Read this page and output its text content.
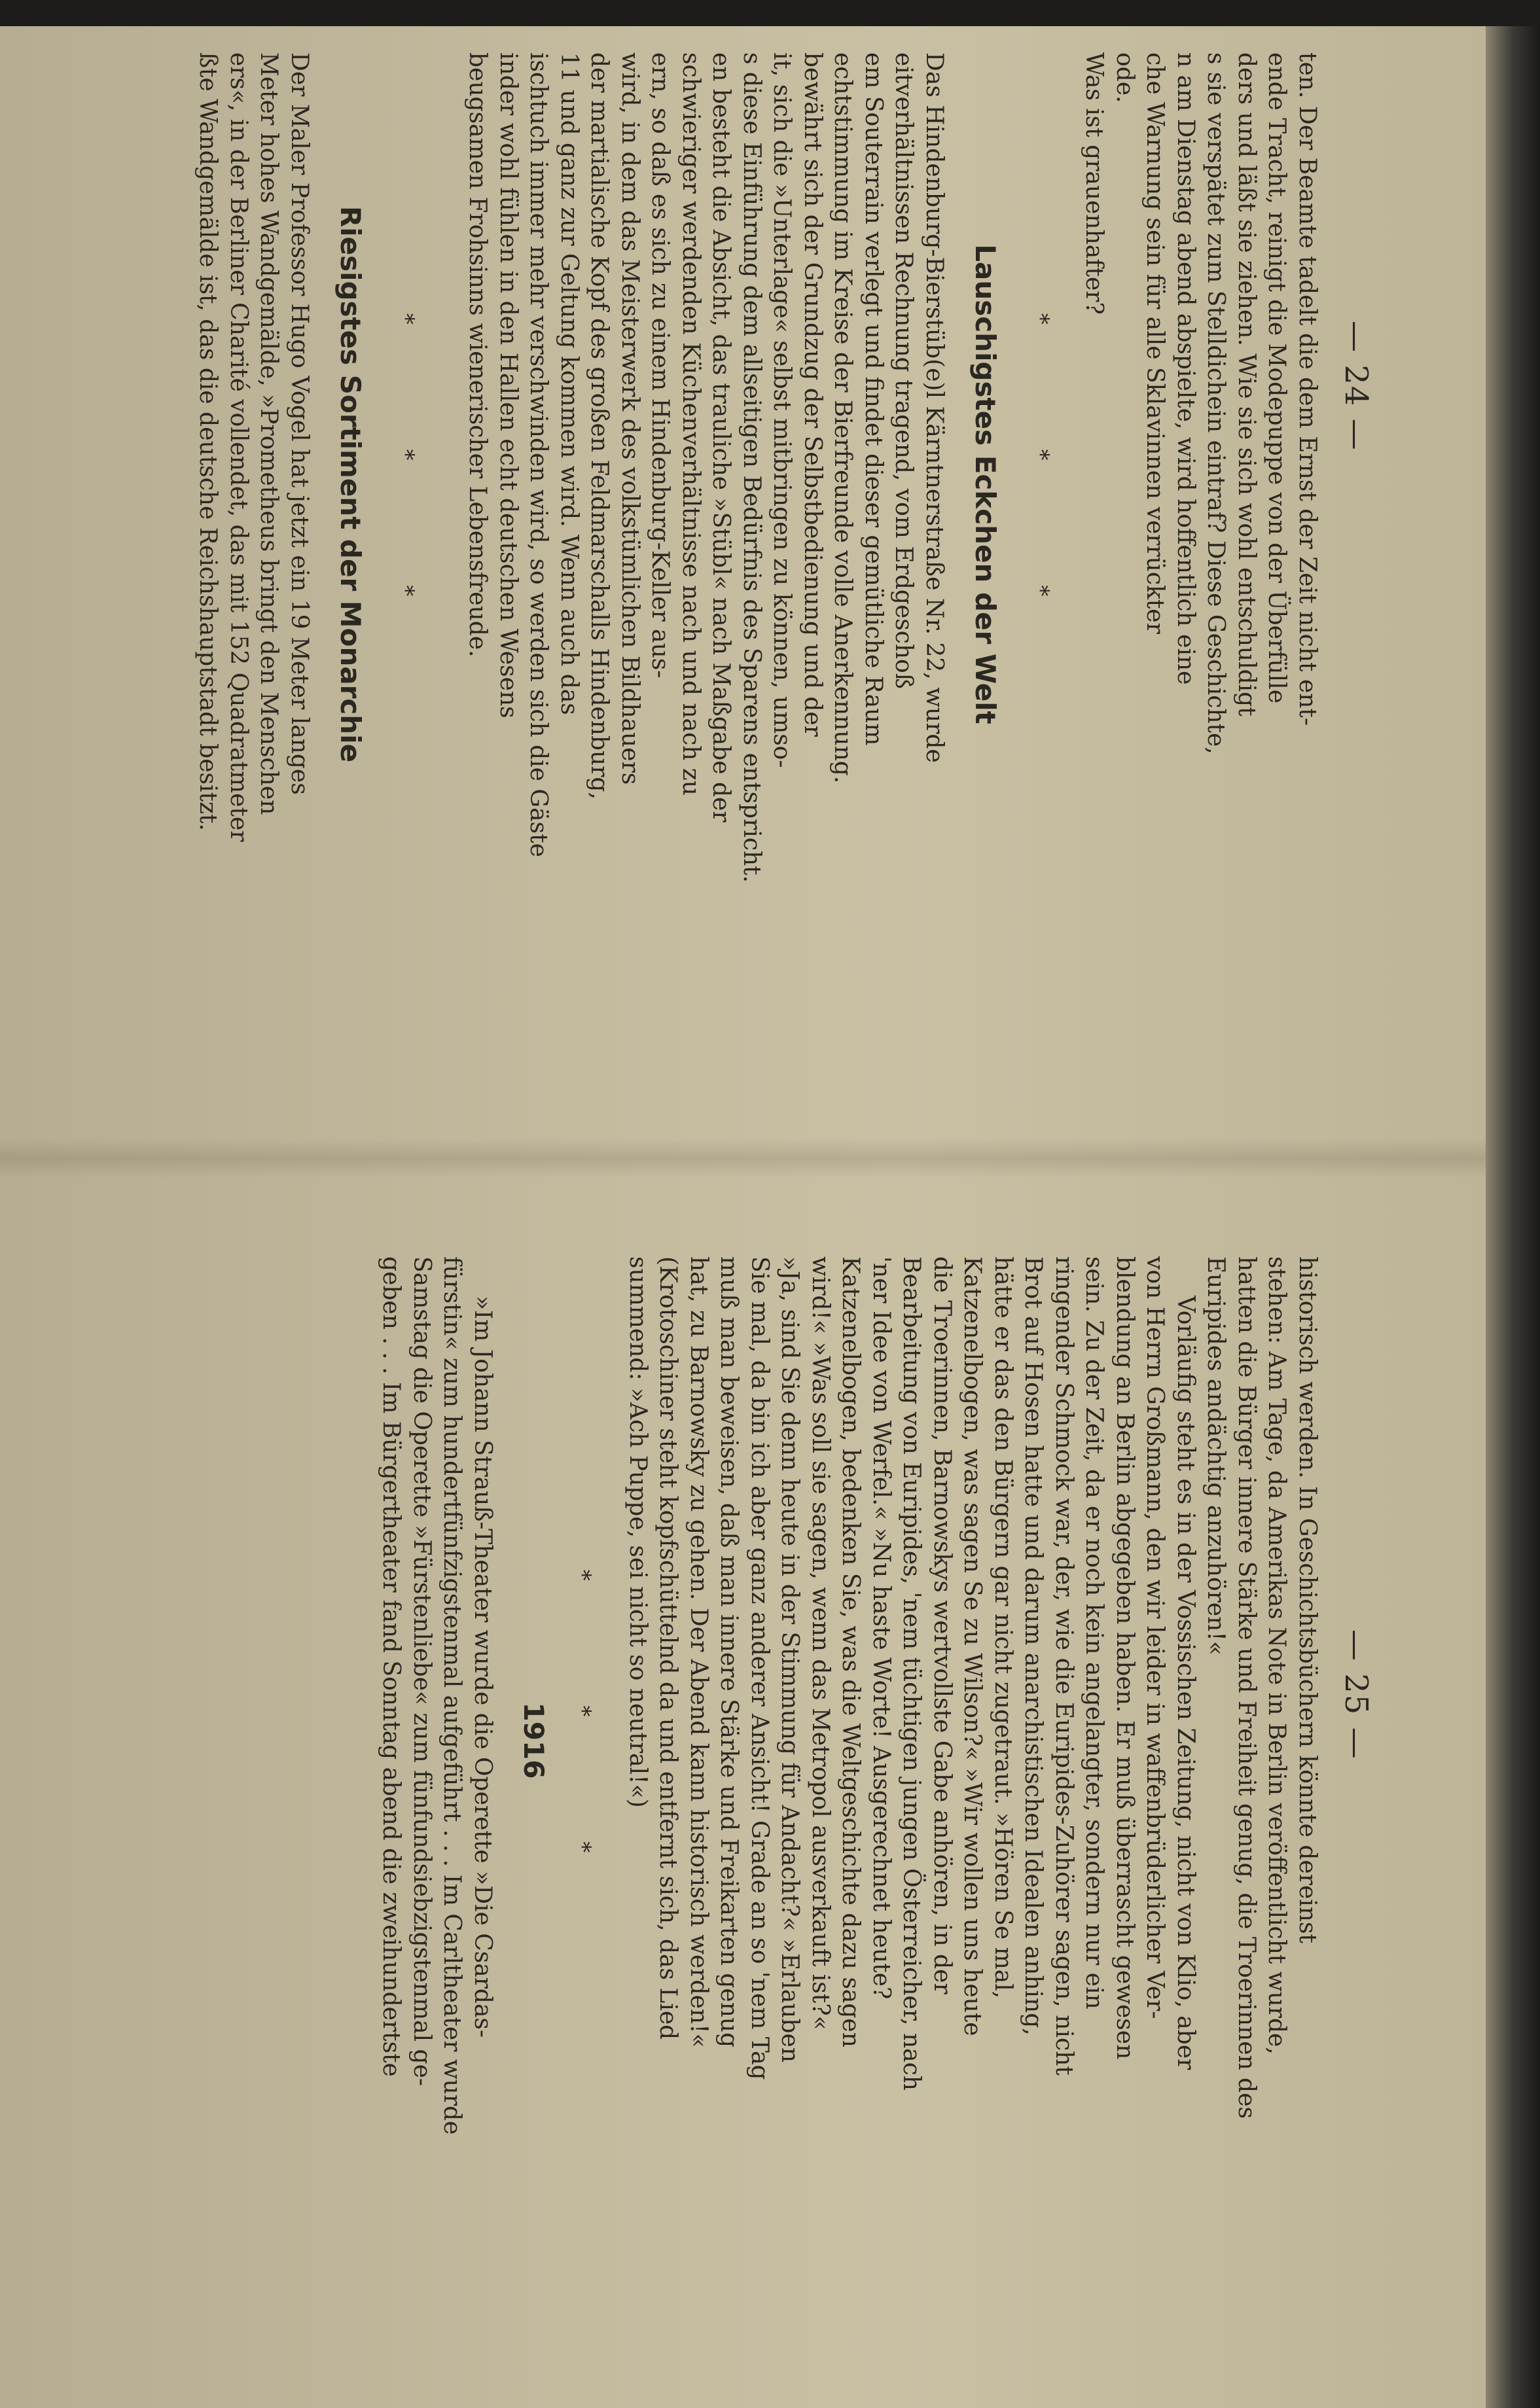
— 24 —

ten. Der Beamte tadelt die dem Ernst der Zeit nicht ent-

ende Tracht, reinigt die Modepuppe von der Überfülle

ders und läßt sie ziehen. Wie sie sich wohl entschuldigt

s sie verspätet zum Stelldichein eintraf? Diese Geschichte,

n am Dienstag abend abspielte, wird hoffentlich eine

che Warnung sein für alle Sklavinnen verrückter

ode.

Was ist grauenhafter?

* * *
Lauschigstes Eckchen der Welt

Das Hindenburg-Bierstüb(e)l Kärntnerstraße Nr. 22, wurde

eitverhältnissen Rechnung tragend, vom Erdgeschoß

em Souterrain verlegt und findet dieser gemütliche Raum

echtstimmung im Kreise der Bierfreunde volle Anerkennung.

bewährt sich der Grundzug der Selbstbedienung und der

it, sich die »Unterlage« selbst mitbringen zu können, umso-

s diese Einführung dem allseitigen Bedürfnis des Sparens entspricht.

en besteht die Absicht, das trauliche »Stübl« nach Maßgabe der

schwieriger werdenden Küchenverhältnisse nach und nach zu

ern, so daß es sich zu einem Hindenburg-Keller aus-

wird, in dem das Meisterwerk des volkstümlichen Bildhauers

der martialische Kopf des großen Feldmarschalls Hindenburg,

11 und ganz zur Geltung kommen wird. Wenn auch das

ischtuch immer mehr verschwinden wird, so werden sich die Gäste

inder wohl fühlen in den Hallen echt deutschen Wesens

beugsamen Frohsinns wienerischer Lebensfreude.

* * *
Riesigstes Sortiment der Monarchie

Der Maler Professor Hugo Vogel hat jetzt ein 19 Meter langes

Meter hohes Wandgemälde, »Prometheus bringt den Menschen

ers«, in der Berliner Charité vollendet, das mit 152 Quadratmeter

ßte Wandgemälde ist, das die deutsche Reichshauptstadt besitzt.

— 25 —

historisch werden. In Geschichtsbüchern könnte dereinst

stehen: Am Tage, da Amerikas Note in Berlin veröffentlicht wurde,

hatten die Bürger innere Stärke und Freiheit genug, die Troerinnen des

Euripides andächtig anzuhören!«

Vorläufig steht es in der Vossischen Zeitung, nicht von Klio, aber

von Herrn Großmann, den wir leider in waffenbrüderlicher Ver-

blendung an Berlin abgegeben haben. Er muß überrascht gewesen

sein. Zu der Zeit, da er noch kein angelangter, sondern nur ein

ringender Schmock war, der, wie die Euripides-Zuhörer sagen, nicht

Brot auf Hosen hatte und darum anarchistischen Idealen anhing,

hätte er das den Bürgern gar nicht zugetraut. »Hören Se mal,

Katzenelbogen, was sagen Se zu Wilson?« »Wir wollen uns heute

die Troerinnen, Barnowskys wertvollste Gabe anhören, in der

Bearbeitung von Euripides, 'nem tüchtigen jungen Österreicher, nach

'ner Idee von Werfel.« »Nu haste Worte! Ausgerechnet heute?

Katzenelbogen, bedenken Sie, was die Weltgeschichte dazu sagen

wird!« »Was soll sie sagen, wenn das Metropol ausverkauft ist?«

»Ja, sind Sie denn heute in der Stimmung für Andacht?« »Erlauben

Sie mal, da bin ich aber ganz anderer Ansicht! Grade an so 'nem Tag

muß man beweisen, daß man innere Stärke und Freikarten genug

hat, zu Barnowsky zu gehen. Der Abend kann historisch werden!«

(Krotoschiner steht kopfschüttelnd da und entfernt sich, das Lied

summend: »Ach Puppe, sei nicht so neutral!«)

* * *
1916

»Im Johann Strauß-Theater wurde die Operette »Die Csardas-

fürstin« zum hundertfünfzigstenmal aufgeführt . . . Im Carltheater wurde

Samstag die Operette »Fürstenliebe« zum fünfundsiebzigstenmal ge-

geben . . . Im Bürgertheater fand Sonntag abend die zweihundertste
